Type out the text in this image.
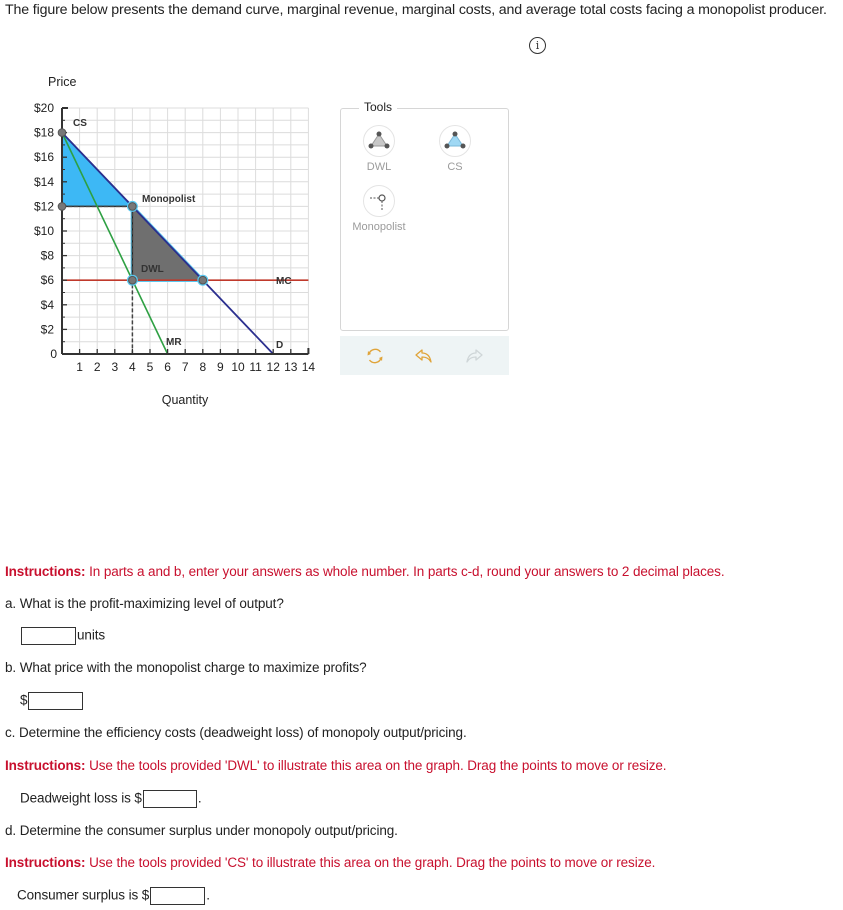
The figure below presents the demand curve, marginal revenue, marginal costs, and average total costs facing a monopolist producer.
i
1 2 3 4 5 6 7 8 9 10 11 12 13 14
0
$2
$4
$6
$8
$10
$12
$14
$16
$18
$20
Price
Quantity
MC
MR	D
CS
DWL
Monopolist
Tools
DWL	CS
Monopolist
Instructions: In parts a and b, enter your answers as whole number. In parts c-d, round your answers to 2 decimal places.
a. What is the profit-maximizing level of output?
units
b. What price with the monopolist charge to maximize profits?
$
c. Determine the efficiency costs (deadweight loss) of monopoly output/pricing.
Instructions: Use the tools provided 'DWL' to illustrate this area on the graph. Drag the points to move or resize.
Deadweight loss is $	.
d. Determine the consumer surplus under monopoly output/pricing.
Instructions: Use the tools provided 'CS' to illustrate this area on the graph. Drag the points to move or resize.
Consumer surplus is $	.
